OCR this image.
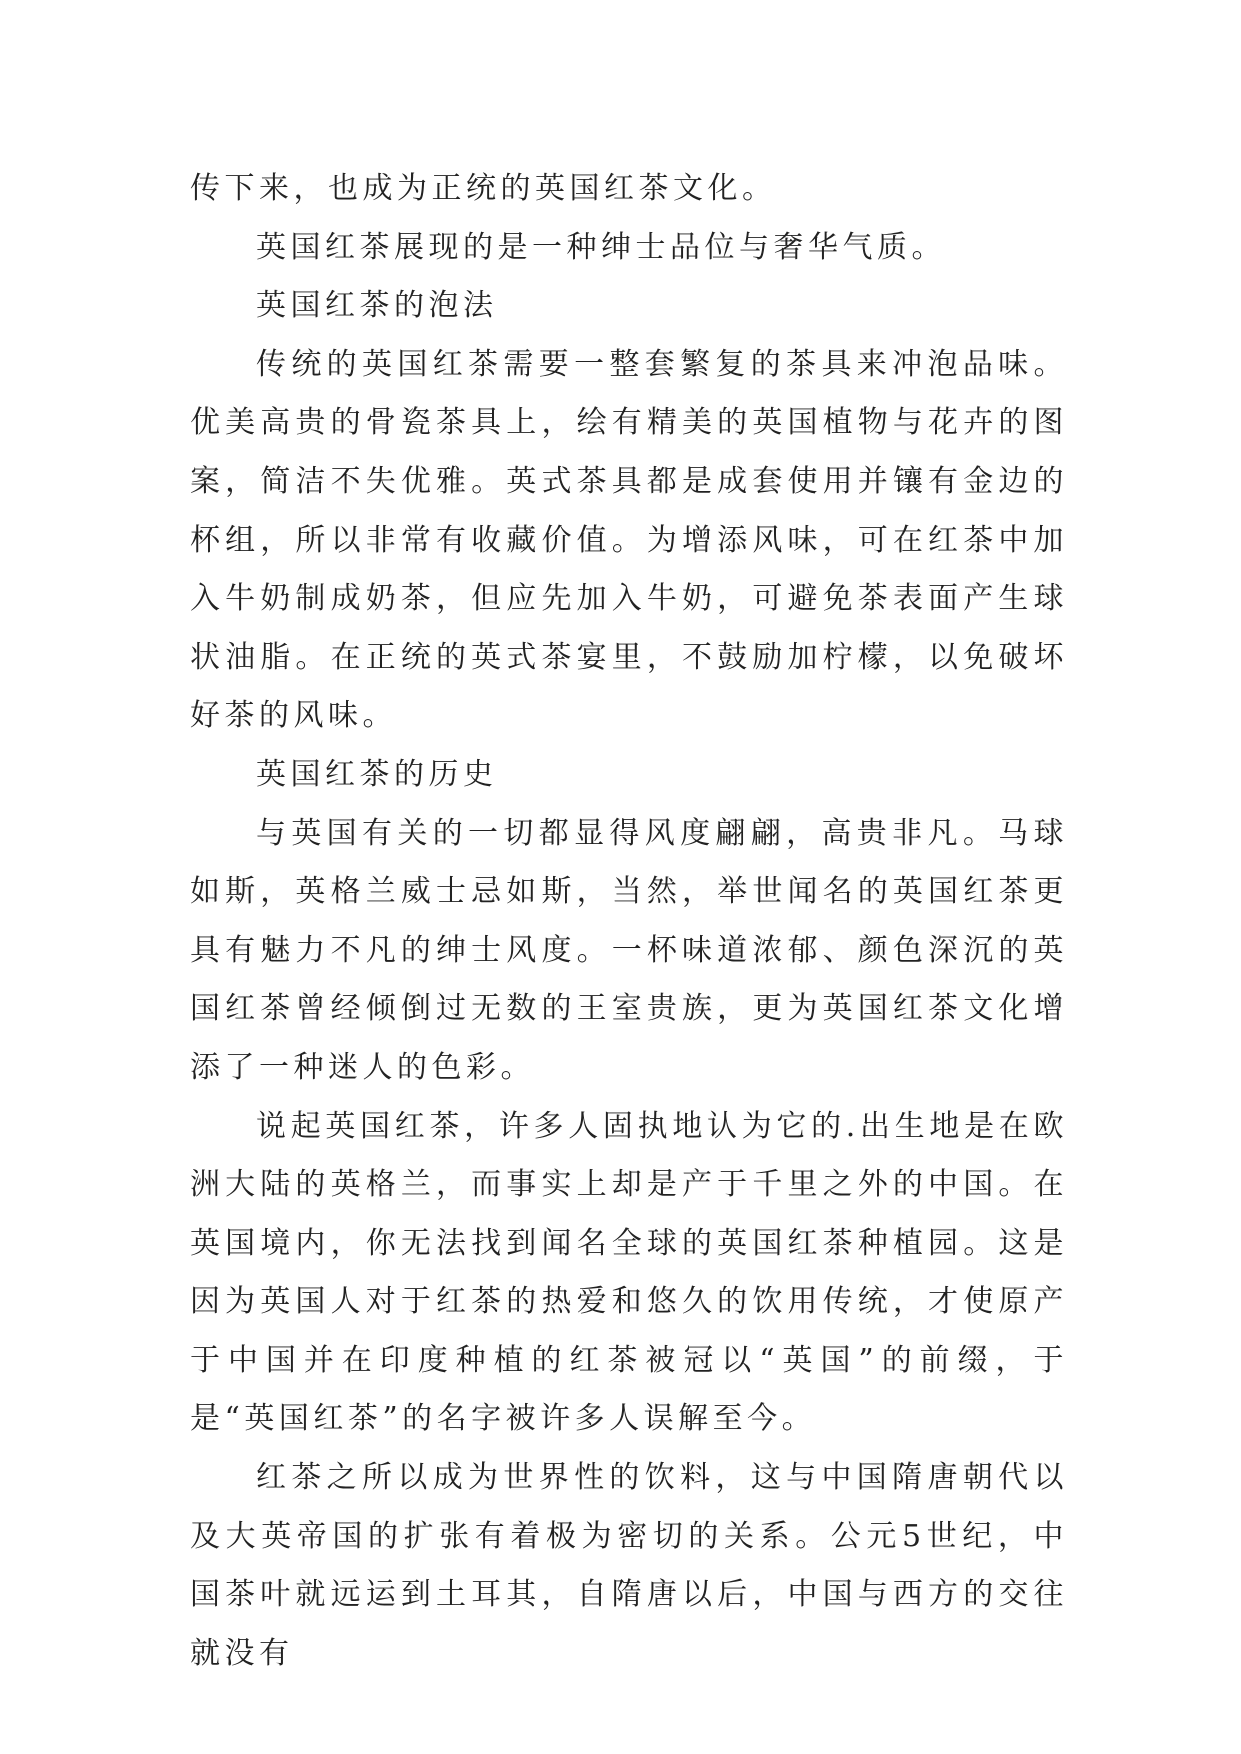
传下来，也成为正统的英国红茶文化。

英国红茶展现的是一种绅士品位与奢华气质。

英国红茶的泡法

传统的英国红茶需要一整套繁复的茶具来冲泡品味。优美高贵的骨瓷茶具上，绘有精美的英国植物与花卉的图案，简洁不失优雅。英式茶具都是成套使用并镶有金边的杯组，所以非常有收藏价值。为增添风味，可在红茶中加入牛奶制成奶茶，但应先加入牛奶，可避免茶表面产生球状油脂。在正统的英式茶宴里，不鼓励加柠檬，以免破坏好茶的风味。

英国红茶的历史

与英国有关的一切都显得风度翩翩，高贵非凡。马球如斯，英格兰威士忌如斯，当然，举世闻名的英国红茶更具有魅力不凡的绅士风度。一杯味道浓郁、颜色深沉的英国红茶曾经倾倒过无数的王室贵族，更为英国红茶文化增添了一种迷人的色彩。

说起英国红茶，许多人固执地认为它的.出生地是在欧洲大陆的英格兰，而事实上却是产于千里之外的中国。在英国境内，你无法找到闻名全球的英国红茶种植园。这是因为英国人对于红茶的热爱和悠久的饮用传统，才使原产于中国并在印度种植的红茶被冠以“英国”的前缀，于是“英国红茶”的名字被许多人误解至今。

红茶之所以成为世界性的饮料，这与中国隋唐朝代以及大英帝国的扩张有着极为密切的关系。公元5世纪，中国茶叶就远运到土耳其，自隋唐以后，中国与西方的交往就没有
